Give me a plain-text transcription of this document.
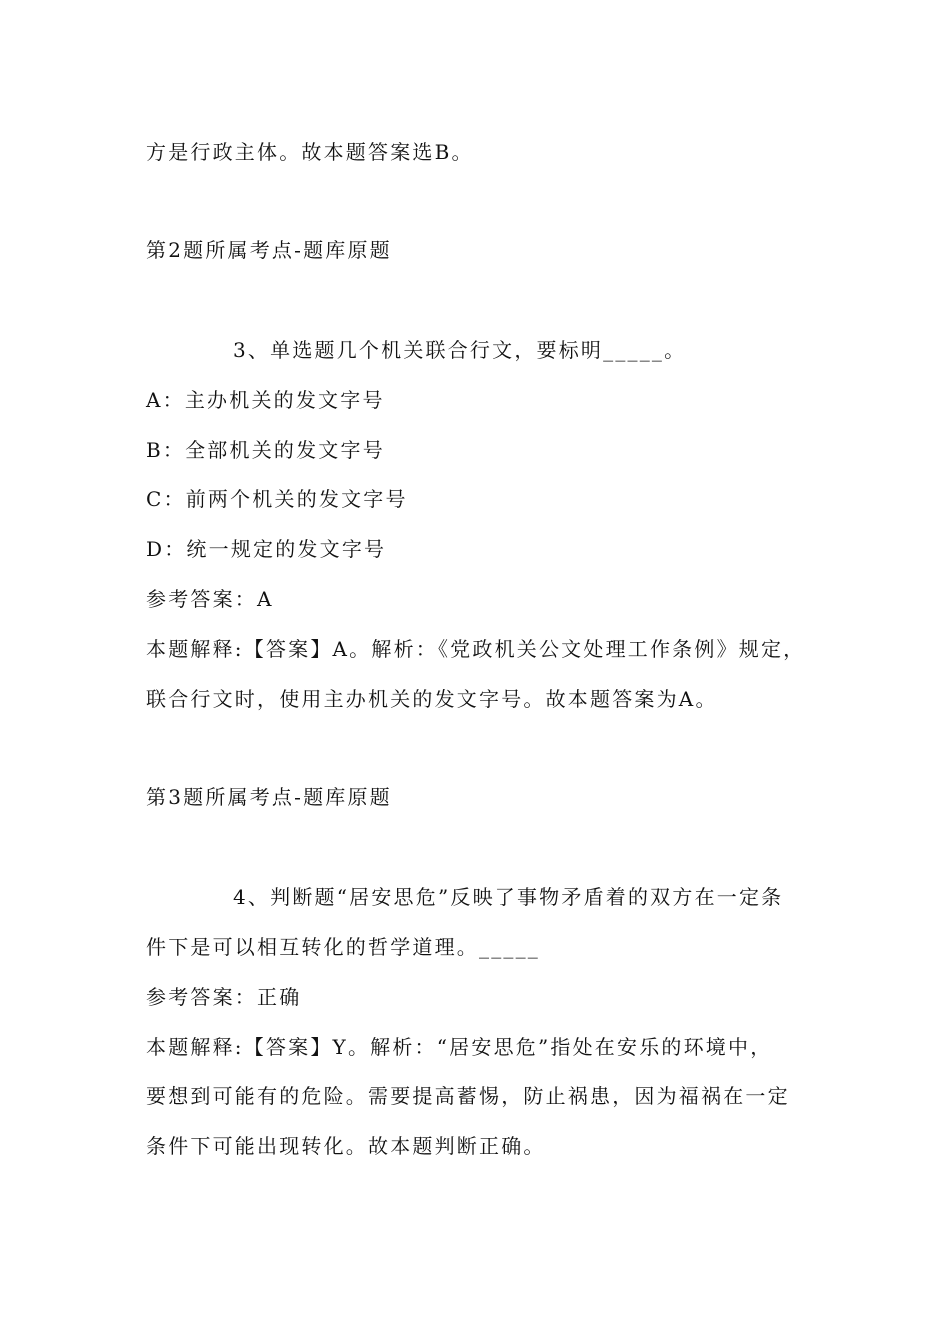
方是行政主体。故本题答案选B。
第2题所属考点-题库原题
3、单选题几个机关联合行文，要标明_____。
A：主办机关的发文字号
B：全部机关的发文字号
C：前两个机关的发文字号
D：统一规定的发文字号
参考答案：A
本题解释:【答案】A。解析：《党政机关公文处理工作条例》规定，
联合行文时，使用主办机关的发文字号。故本题答案为A。
第3题所属考点-题库原题
4、判断题“居安思危”反映了事物矛盾着的双方在一定条
件下是可以相互转化的哲学道理。_____
参考答案：正确
本题解释:【答案】Y。解析：“居安思危”指处在安乐的环境中，
要想到可能有的危险。需要提高蓄惕，防止祸患，因为福祸在一定
条件下可能出现转化。故本题判断正确。
